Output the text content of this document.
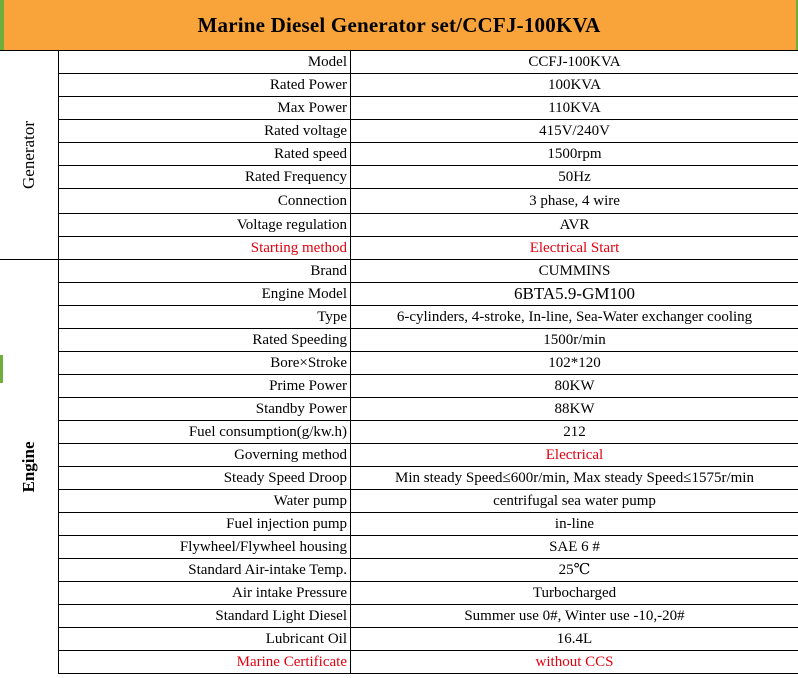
Marine Diesel Generator set/CCFJ-100KVA
Generator
Model	CCFJ-100KVA
Rated Power	100KVA
Max Power	110KVA
Rated voltage	415V/240V
Rated speed	1500rpm
Rated Frequency	50Hz
Connection	3 phase, 4 wire
Voltage regulation	AVR
Starting method	Electrical Start
Engine
Brand	CUMMINS
Engine Model	6BTA5.9-GM100
Type	6-cylinders, 4-stroke, In-line, Sea-Water exchanger cooling
Rated Speeding	1500r/min
Bore×Stroke	102*120
Prime Power	80KW
Standby Power	88KW
Fuel consumption(g/kw.h)	212
Governing method	Electrical
Steady Speed Droop	Min steady Speed≤600r/min, Max steady Speed≤1575r/min
Water pump	centrifugal sea water pump
Fuel injection pump	in-line
Flywheel/Flywheel housing	SAE 6 #
Standard Air-intake Temp.	25℃
Air intake Pressure	Turbocharged
Standard Light Diesel	Summer use 0#, Winter use -10,-20#
Lubricant Oil	16.4L
Marine Certificate	without CCS
